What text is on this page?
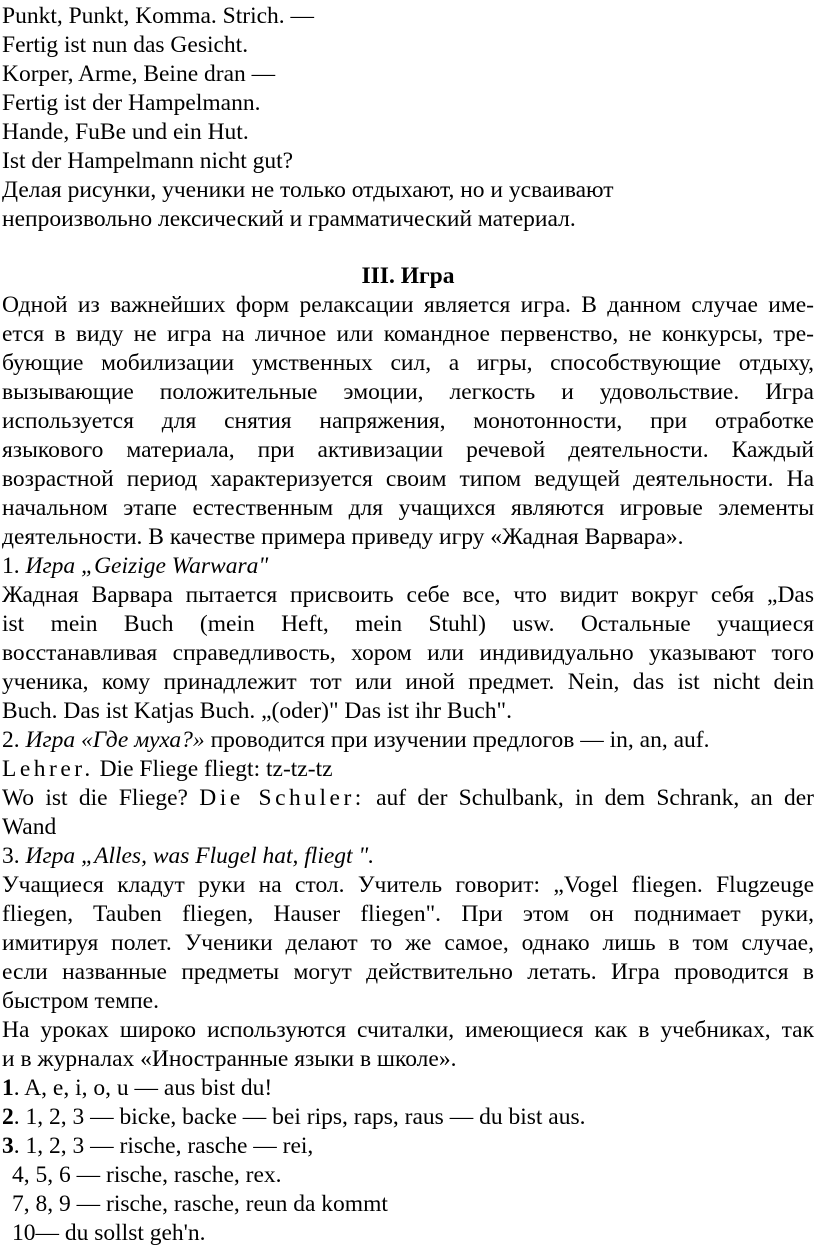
Punkt, Punkt, Komma. Strich. —
Fertig ist nun das Gesicht.
Korper, Arme, Beine dran —
Fertig ist der Hampelmann.
Hande, FuBe und ein Hut.
Ist der Hampelmann nicht gut?
Делая рисунки, ученики не только отдыхают, но и усваивают
непроизвольно лексический и грамматический материал.
III. Игра
Одной из важнейших форм релаксации является игра. В данном случае име-
ется в виду не игра на личное или командное первенство, не конкурсы, тре-
бующие мобилизации умственных сил, а игры, способствующие отдыху,
вызывающие положительные эмоции, легкость и удовольствие. Игра
используется для снятия напряжения, монотонности, при отработке
языкового материала, при активизации речевой деятельности. Каждый
возрастной период характеризуется своим типом ведущей деятельности. На
начальном этапе естественным для учащихся являются игровые элементы
деятельности. В качестве примера приведу игру «Жадная Варвара».
1. Игра „Geizige Warwara"
Жадная Варвара пытается присвоить себе все, что видит вокруг себя „Das
ist mein Buch (mein Heft, mein Stuhl) usw. Остальные учащиеся
восстанавливая справедливость, хором или индивидуально указывают того
ученика, кому принадлежит тот или иной предмет. Nein, das ist nicht dein
Buch. Das ist Katjas Buch. „(oder)" Das ist ihr Buch".
2. Игра «Где муха?» проводится при изучении предлогов — in, an, auf.
Lehrer. Die Fliege fliegt: tz-tz-tz
Wo ist die Fliege? Die Schuler: auf der Schulbank, in dem Schrank, an der
Wand
3. Игра „Alles, was Flugel hat, fliegt ".
Учащиеся кладут руки на стол. Учитель говорит: „Vogel fliegen. Flugzeuge
fliegen, Tauben fliegen, Hauser fliegen". При этом он поднимает руки,
имитируя полет. Ученики делают то же самое, однако лишь в том случае,
если названные предметы могут действительно летать. Игра проводится в
быстром темпе.
На уроках широко используются считалки, имеющиеся как в учебниках, так
и в журналах «Иностранные языки в школе».
1. A, e, i, o, u — aus bist du!
2. 1, 2, 3 — bicke, backe — bei rips, raps, raus — du bist aus.
3. 1, 2, 3 — rische, rasche — rei,
4, 5, 6 — rische, rasche, rex.
7, 8, 9 — rische, rasche, reun da kommt
10— du sollst geh'n.
